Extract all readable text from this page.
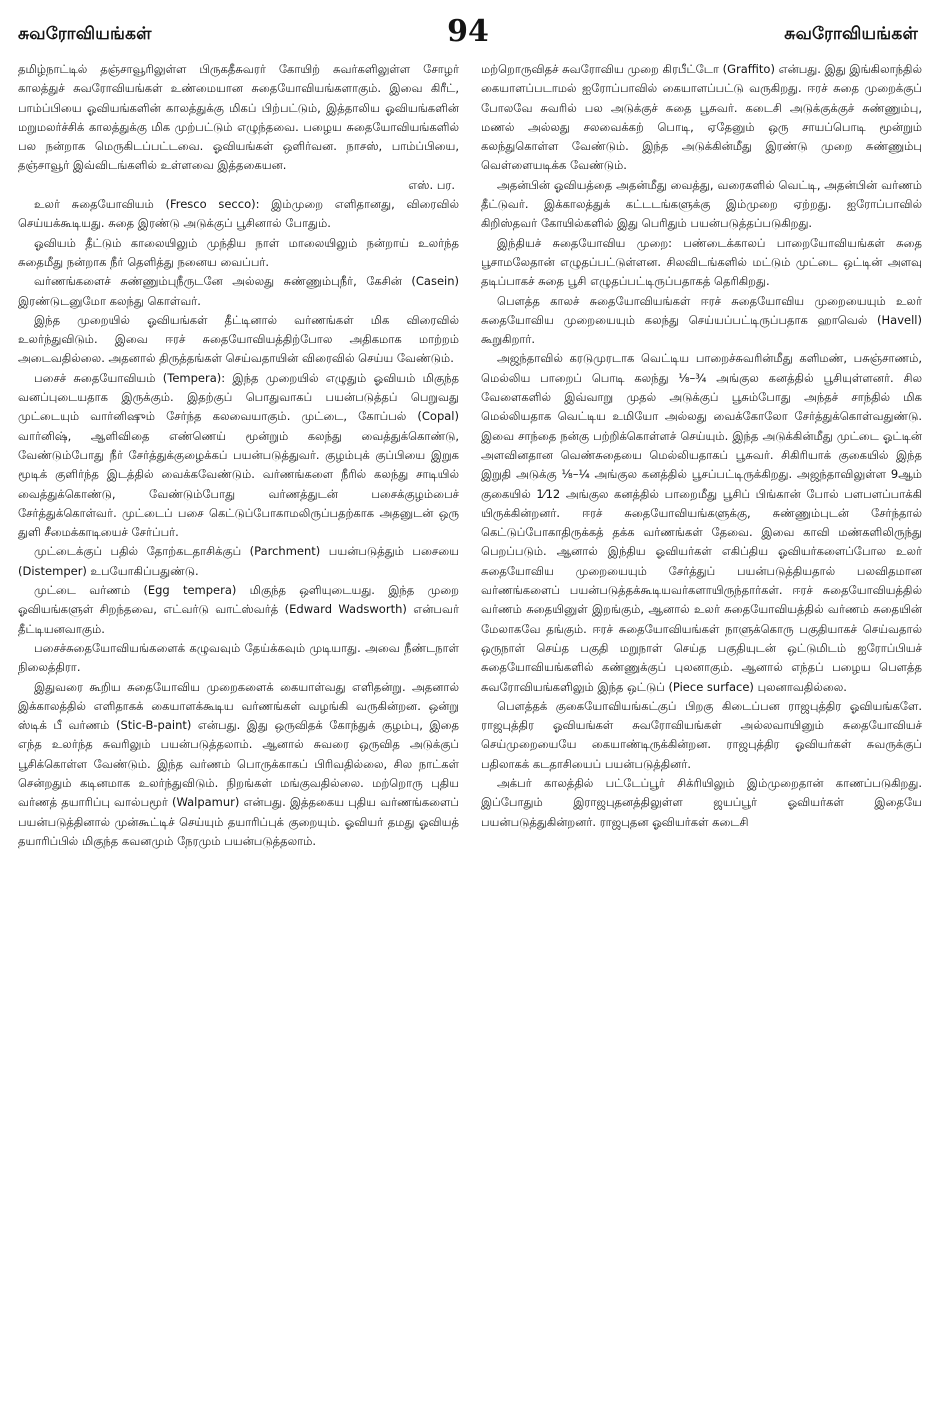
சுவரோவியங்கள்	94	சுவரோவியங்கள்

தமிழ்நாட்டில் தஞ்சாவூரிலுள்ள பிருகதீசுவரர் கோயிற் சுவர்களிலுள்ள சோழர் காலத்துச் சுவரோவியங்கள் உண்மையான சுதையோவியங்களாகும். இவை கிரீட், பாம்ப்பியை ஓவியங்களின் காலத்துக்கு மிகப் பிற்பட்டும், இத்தாலிய ஓவியங்களின் மறுமலர்ச்சிக் காலத்துக்கு மிக முற்பட்டும் எழுந்தவை. பழைய சுதையோவியங்களில் பல நன்றாக மெருகிடப்பட்டவை. ஓவியங்கள் ஒளிர்வன. நாசஸ், பாம்ப்பியை, தஞ்சாவூர் இவ்விடங்களில் உள்ளவை இத்தகையன.

எஸ். பர.

உலர் சுதையோவியம் (Fresco secco): இம்முறை எளிதானது, விரைவில் செய்யக்கூடியது. சுதை இரண்டு அடுக்குப் பூசினால் போதும்.

ஓவியம் தீட்டும் காலையிலும் முந்திய நாள் மாலையிலும் நன்றாய் உலர்ந்த சுதைமீது நன்றாக நீர் தெளித்து நனைய வைப்பர்.

வர்ணங்களைச் சுண்ணும்புநீருடனே அல்லது சுண்ணும்புநீர், கேசின் (Casein) இரண்டுடனுமோ கலந்து கொள்வர்.

இந்த முறையில் ஓவியங்கள் தீட்டினால் வர்ணங்கள் மிக விரைவில் உலர்ந்துவிடும். இவை ஈரச் சுதையோவியத்திற்போல அதிகமாக மாற்றம் அடைவதில்லை. அதனால் திருத்தங்கள் செய்வதாயின் விரைவில் செய்ய வேண்டும்.

பசைச் சுதையோவியம் (Tempera): இந்த முறையில் எழுதும் ஓவியம் மிகுந்த வனப்புடையதாக இருக்கும். இதற்குப் பொதுவாகப் பயன்படுத்தப் பெறுவது முட்டையும் வார்னிஷும் சேர்ந்த கலவையாகும். முட்டை, கோப்பல் (Copal) வார்னிஷ், ஆளிவிதை எண்ணெய் மூன்றும் கலந்து வைத்துக்கொண்டு, வேண்டும்போது நீர் சேர்த்துக்குழைக்கப் பயன்படுத்துவர். குழம்புக் குப்பியை இறுக மூடிக் குளிர்ந்த இடத்தில் வைக்கவேண்டும். வர்ணங்களை நீரில் கலந்து சாடியில் வைத்துக்கொண்டு, வேண்டும்போது வர்ணத்துடன் பசைக்குழம்பைச் சேர்த்துக்கொள்வர். முட்டைப் பசை கெட்டுப்போகாமலிருப்பதற்காக அதனுடன் ஒரு துளி சீமைக்காடியைச் சேர்ப்பர்.

முட்டைக்குப் பதில் தோற்கடதாசிக்குப் (Parchment) பயன்படுத்தும் பசையை (Distemper) உபயோகிப்பதுண்டு.

முட்டை வர்ணம் (Egg tempera) மிகுந்த ஒளியுடையது. இந்த முறை ஓவியங்களுள் சிறந்தவை, எட்வர்டு வாட்ஸ்வர்த் (Edward Wadsworth) என்பவர் தீட்டியனவாகும்.

பசைச்சுதையோவியங்களைக் கழுவவும் தேய்க்கவும் முடியாது. அவை நீண்டநாள் நிலைத்திரா.

இதுவரை கூறிய சுதையோவிய முறைகளைக் கையாள்வது எளிதன்று. அதனால் இக்காலத்தில் எளிதாகக் கையாளக்கூடிய வர்ணங்கள் வழங்கி வருகின்றன. ஒன்று ஸ்டிக் பீ வர்ணம் (Stic-B-paint) என்பது. இது ஒருவிதக் கோந்துக் குழம்பு, இதை எந்த உலர்ந்த சுவரிலும் பயன்படுத்தலாம். ஆனால் சுவரை ஒருவித அடுக்குப் பூசிக்கொள்ள வேண்டும். இந்த வர்ணம் பொருக்காகப் பிரிவதில்லை, சில நாட்கள் சென்றதும் கடினமாக உலர்ந்துவிடும். நிறங்கள் மங்குவதில்லை. மற்றொரு புதிய வர்ணத் தயாரிப்பு வால்பமூர் (Walpamur) என்பது. இத்தகைய புதிய வர்ணங்களைப் பயன்படுத்தினால் முன்கூட்டிச் செய்யும் தயாரிப்புக் குறையும். ஓவியர் தமது ஓவியத் தயாரிப்பில் மிகுந்த கவனமும் நேரமும் பயன்படுத்தலாம்.

மற்றொருவிதச் சுவரோவிய முறை கிரபீட்டோ (Graffito) என்பது. இது இங்கிலாந்தில் கையாளப்படாமல் ஐரோப்பாவில் கையாளப்பட்டு வருகிறது. ஈரச் சுதை முறைக்குப் போலவே சுவரில் பல அடுக்குச் சுதை பூசுவர். கடைசி அடுக்குக்குச் சுண்ணும்பு, மணல் அல்லது சலவைக்கற் பொடி, ஏதேனும் ஒரு சாயப்பொடி மூன்றும் கலந்துகொள்ள வேண்டும். இந்த அடுக்கின்மீது இரண்டு முறை சுண்ணும்பு வெள்ளையடிக்க வேண்டும்.

அதன்பின் ஓவியத்தை அதன்மீது வைத்து, வரைகளில் வெட்டி, அதன்பின் வர்ணம் தீட்டுவர். இக்காலத்துக் கட்டடங்களுக்கு இம்முறை ஏற்றது. ஐரோப்பாவில் கிறிஸ்தவர் கோயில்களில் இது பெரிதும் பயன்படுத்தப்படுகிறது.

இந்தியச் சுதையோவிய முறை: பண்டைக்காலப் பாறையோவியங்கள் சுதை பூசாமலேதான் எழுதப்பட்டுள்ளன. சிலவிடங்களில் மட்டும் முட்டை ஒட்டின் அளவு தடிப்பாகச் சுதை பூசி எழுதப்பட்டிருப்பதாகத் தெரிகிறது.

பௌத்த காலச் சுதையோவியங்கள் ஈரச் சுதையோவிய முறையையும் உலர் சுதையோவிய முறையையும் கலந்து செய்யப்பட்டிருப்பதாக ஹாவெல் (Havell) கூறுகிறார்.

அஜந்தாவில் கரடுமுரடாக வெட்டிய பாறைச்சுவரின்மீது களிமண், பசுஞ்சாணம், மெல்லிய பாறைப் பொடி கலந்து ⅛–¾ அங்குல கனத்தில் பூசியுள்ளனர். சில வேளைகளில் இவ்வாறு முதல் அடுக்குப் பூசும்போது அந்தச் சாந்தில் மிக மெல்லியதாக வெட்டிய உமியோ அல்லது வைக்கோலோ சேர்த்துக்கொள்வதுண்டு. இவை சாந்தை நன்கு பற்றிக்கொள்ளச் செய்யும். இந்த அடுக்கின்மீது முட்டை ஓட்டின் அளவினதான வெண்சுதையை மெல்லியதாகப் பூசுவர். சிகிரியாக் குகையில் இந்த இறுதி அடுக்கு ⅛–¼ அங்குல கனத்தில் பூசப்பட்டிருக்கிறது. அஜந்தாவிலுள்ள 9ஆம் குகையில் 1⁄12 அங்குல கனத்தில் பாறைமீது பூசிப் பிங்கான் போல் பளபளப்பாக்கி யிருக்கின்றனர். ஈரச் சுதையோவியங்களுக்கு, சுண்ணும்புடன் சேர்ந்தால் கெட்டுப்போகாதிருக்கத் தக்க வர்ணங்கள் தேவை. இவை காவி மண்களிலிருந்து பெறப்படும். ஆனால் இந்திய ஓவியர்கள் எகிப்திய ஓவியர்களைப்போல உலர் சுதையோவிய முறையையும் சேர்த்துப் பயன்படுத்தியதால் பலவிதமான வர்ணங்களைப் பயன்படுத்தக்கூடியவர்களாயிருந்தார்கள். ஈரச் சுதையோவியத்தில் வர்ணம் சுதையினுள் இறங்கும், ஆனால் உலர் சுதையோவியத்தில் வர்ணம் சுதையின் மேலாகவே தங்கும். ஈரச் சுதையோவியங்கள் நாளுக்கொரு பகுதியாகச் செய்வதால் ஒருநாள் செய்த பகுதி மறுநாள் செய்த பகுதியுடன் ஒட்டுமிடம் ஐரோப்பியச் சுதையோவியங்களில் கண்ணுக்குப் புலனாகும். ஆனால் எந்தப் பழைய பௌத்த சுவரோவியங்களிலும் இந்த ஒட்டுப் (Piece surface) புலனாவதில்லை.

பௌத்தக் குகையோவியங்கட்குப் பிறகு கிடைப்பன ராஜபுத்திர ஓவியங்களே. ராஜபுத்திர ஓவியங்கள் சுவரோவியங்கள் அல்லவாயினும் சுதையோவியச் செய்முறையையே கையாண்டிருக்கின்றன. ராஜபுத்திர ஓவியர்கள் சுவருக்குப் பதிலாகக் கடதாசியைப் பயன்படுத்தினர்.

அக்பர் காலத்தில் பட்டேப்பூர் சிக்ரியிலும் இம்முறைதான் காணப்படுகிறது. இப்போதும் இராஜபுதனத்திலுள்ள ஜயப்பூர் ஓவியர்கள் இதையே பயன்படுத்துகின்றனர். ராஜபுதன ஓவியர்கள் கடைசி
